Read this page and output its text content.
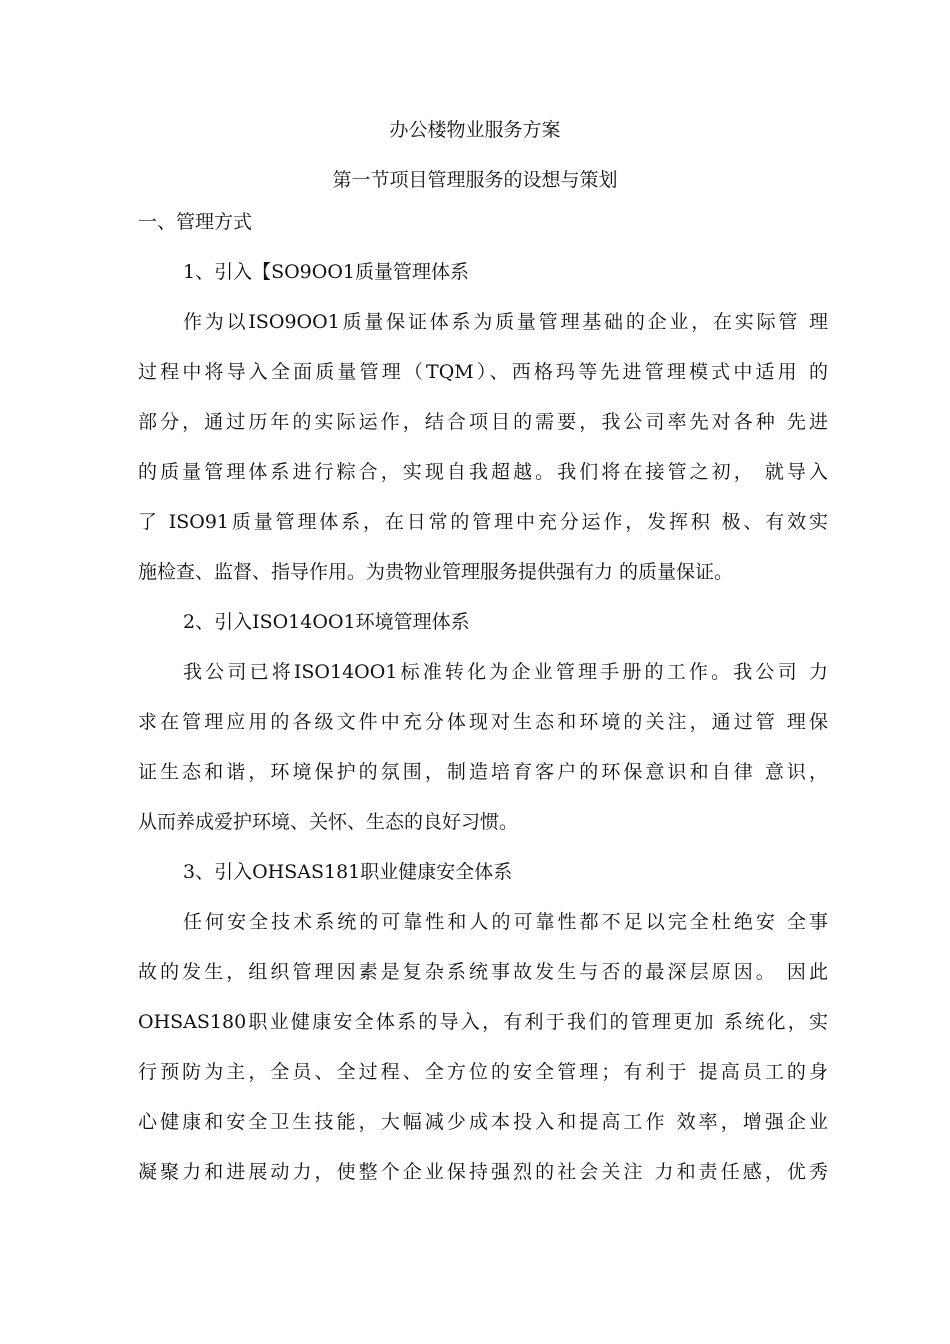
办公楼物业服务方案
第一节项目管理服务的设想与策划
一、管理方式
1、引入【SO9OO1质量管理体系
作为以ISO9OO1质量保证体系为质量管理基础的企业，在实际管 理
过程中将导入全面质量管理（TQM）、西格玛等先进管理模式中适用 的
部分，通过历年的实际运作，结合项目的需要，我公司率先对各种 先进
的质量管理体系进行粽合，实现自我超越。我们将在接管之初， 就导入
了 ISO91质量管理体系，在日常的管理中充分运作，发挥积 极、有效实
施检查、监督、指导作用。为贵物业管理服务提供强有力 的质量保证。
2、引入ISO14OO1环境管理体系
我公司已将ISO14OO1标准转化为企业管理手册的工作。我公司 力
求在管理应用的各级文件中充分体现对生态和环境的关注，通过管 理保
证生态和谐，环境保护的氛围，制造培育客户的环保意识和自律 意识，
从而养成爱护环境、关怀、生态的良好习惯。
3、引入OHSAS181职业健康安全体系
任何安全技术系统的可靠性和人的可靠性都不足以完全杜绝安 全事
故的发生，组织管理因素是复杂系统事故发生与否的最深层原因。 因此
OHSAS180职业健康安全体系的导入，有利于我们的管理更加 系统化，实
行预防为主，全员、全过程、全方位的安全管理；有利于 提高员工的身
心健康和安全卫生技能，大幅减少成本投入和提高工作 效率，增强企业
凝聚力和进展动力，使整个企业保持强烈的社会关注 力和责任感，优秀
